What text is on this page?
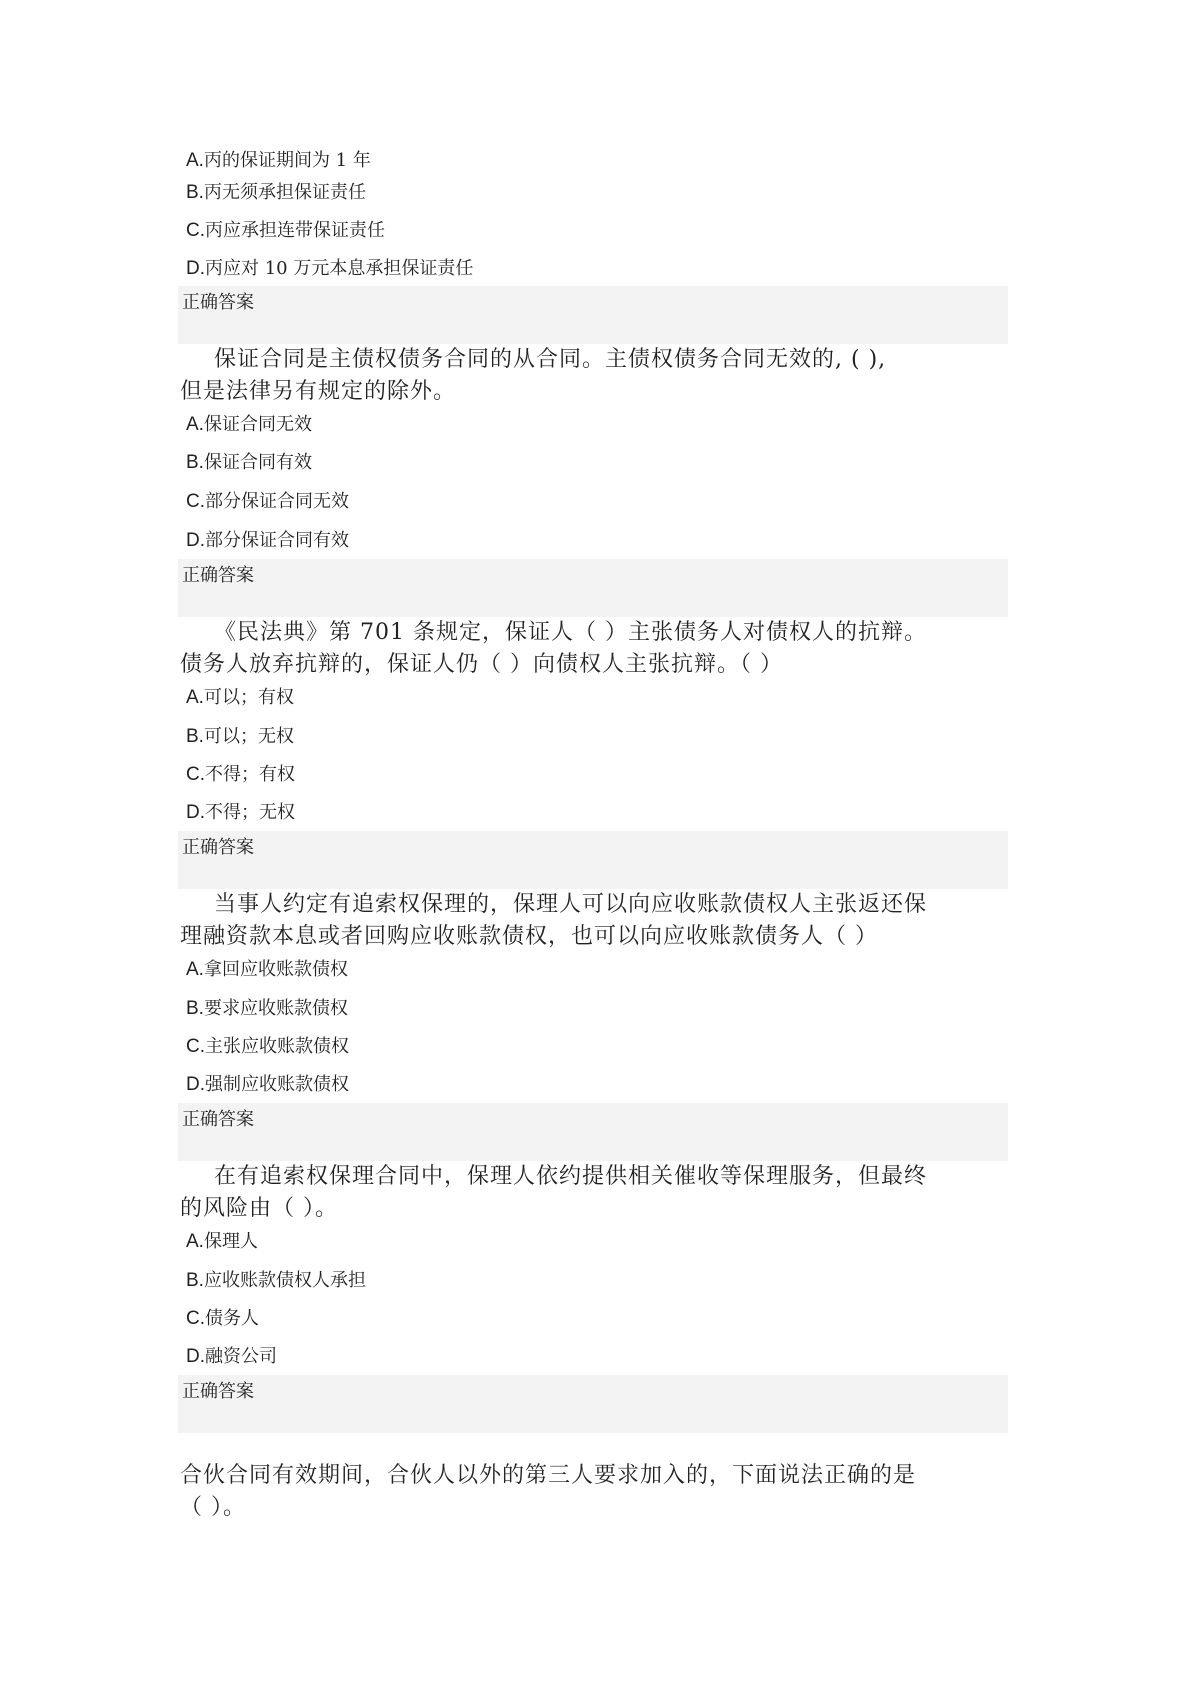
A.丙的保证期间为 1 年
B.丙无须承担保证责任
C.丙应承担连带保证责任
D.丙应对 10 万元本息承担保证责任
正确答案
保证合同是主债权债务合同的从合同。主债权债务合同无效的, ( ),
但是法律另有规定的除外。
A.保证合同无效
B.保证合同有效
C.部分保证合同无效
D.部分保证合同有效
正确答案
《民法典》第 701 条规定，保证人（ ）主张债务人对债权人的抗辩。
债务人放弃抗辩的，保证人仍（ ）向债权人主张抗辩。（ ）
A.可以；有权
B.可以；无权
C.不得；有权
D.不得；无权
正确答案
当事人约定有追索权保理的，保理人可以向应收账款债权人主张返还保
理融资款本息或者回购应收账款债权，也可以向应收账款债务人（ ）
A.拿回应收账款债权
B.要求应收账款债权
C.主张应收账款债权
D.强制应收账款债权
正确答案
在有追索权保理合同中，保理人依约提供相关催收等保理服务，但最终
的风险由（ ）。
A.保理人
B.应收账款债权人承担
C.债务人
D.融资公司
正确答案
合伙合同有效期间，合伙人以外的第三人要求加入的，下面说法正确的是
（ ）。
